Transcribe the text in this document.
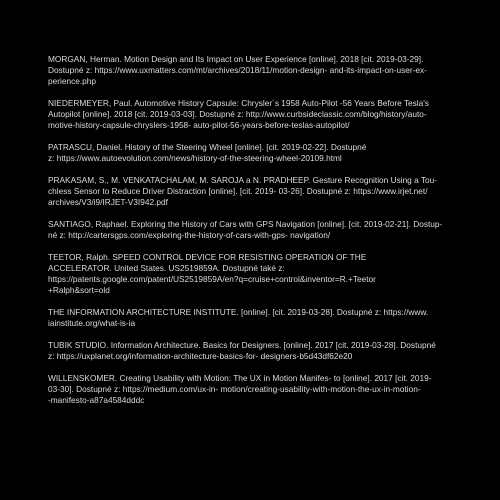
MORGAN, Herman. Motion Design and Its Impact on User Experience [online]. 2018 [cit. 2019-03-29].
Dostupné z: https://www.uxmatters.com/mt/archives/2018/11/motion-design- and-its-impact-on-user-ex-
perience.php
NIEDERMEYER, Paul. Automotive History Capsule: Chrysler´s 1958 Auto-Pilot -56 Years Before Tesla's
Autopilot [online]. 2018 [cit. 2019-03-03]. Dostupné z: http://www.curbsideclassic.com/blog/history/auto-
motive-history-capsule-chryslers-1958- auto-pilot-56-years-before-teslas-autopilot/
PATRASCU, Daniel. History of the Steering Wheel [online]. [cit. 2019-02-22]. Dostupné
z: https://www.autoevolution.com/news/history-of-the-steering-wheel-20109.html
PRAKASAM, S., M. VENKATACHALAM, M. SAROJA a N. PRADHEEP. Gesture Recognition Using a Tou-
chless Sensor to Reduce Driver Distraction [online]. [cit. 2019- 03-26]. Dostupné z: https://www.irjet.net/
archives/V3/i9/IRJET-V3I942.pdf
SANTIAGO, Raphael. Exploring the History of Cars with GPS Navigation [online]. [cit. 2019-02-21]. Dostup-
né z: http://cartersgps.com/exploring-the-history-of-cars-with-gps- navigation/
TEETOR, Ralph. SPEED CONTROL DEVICE FOR RESISTING OPERATION OF THE
ACCELERATOR. United States. US2519859A. Dostupné také z:
https://patents.google.com/patent/US2519859A/en?q=cruise+control&inventor=R.+Teetor
+Ralph&sort=old
THE INFORMATION ARCHITECTURE INSTITUTE. [online]. [cit. 2019-03-28]. Dostupné z: https://www.
iainstitute.org/what-is-ia
TUBIK STUDIO. Information Architecture. Basics for Designers. [online]. 2017 [cit. 2019-03-28]. Dostupné
z: https://uxplanet.org/information-architecture-basics-for- designers-b5d43df62e20
WILLENSKOMER. Creating Usability with Motion: The UX in Motion Manifes- to [online]. 2017 [cit. 2019-
03-30]. Dostupné z: https://medium.com/ux-in- motion/creating-usability-with-motion-the-ux-in-motion-
-manifesto-a87a4584dddc
